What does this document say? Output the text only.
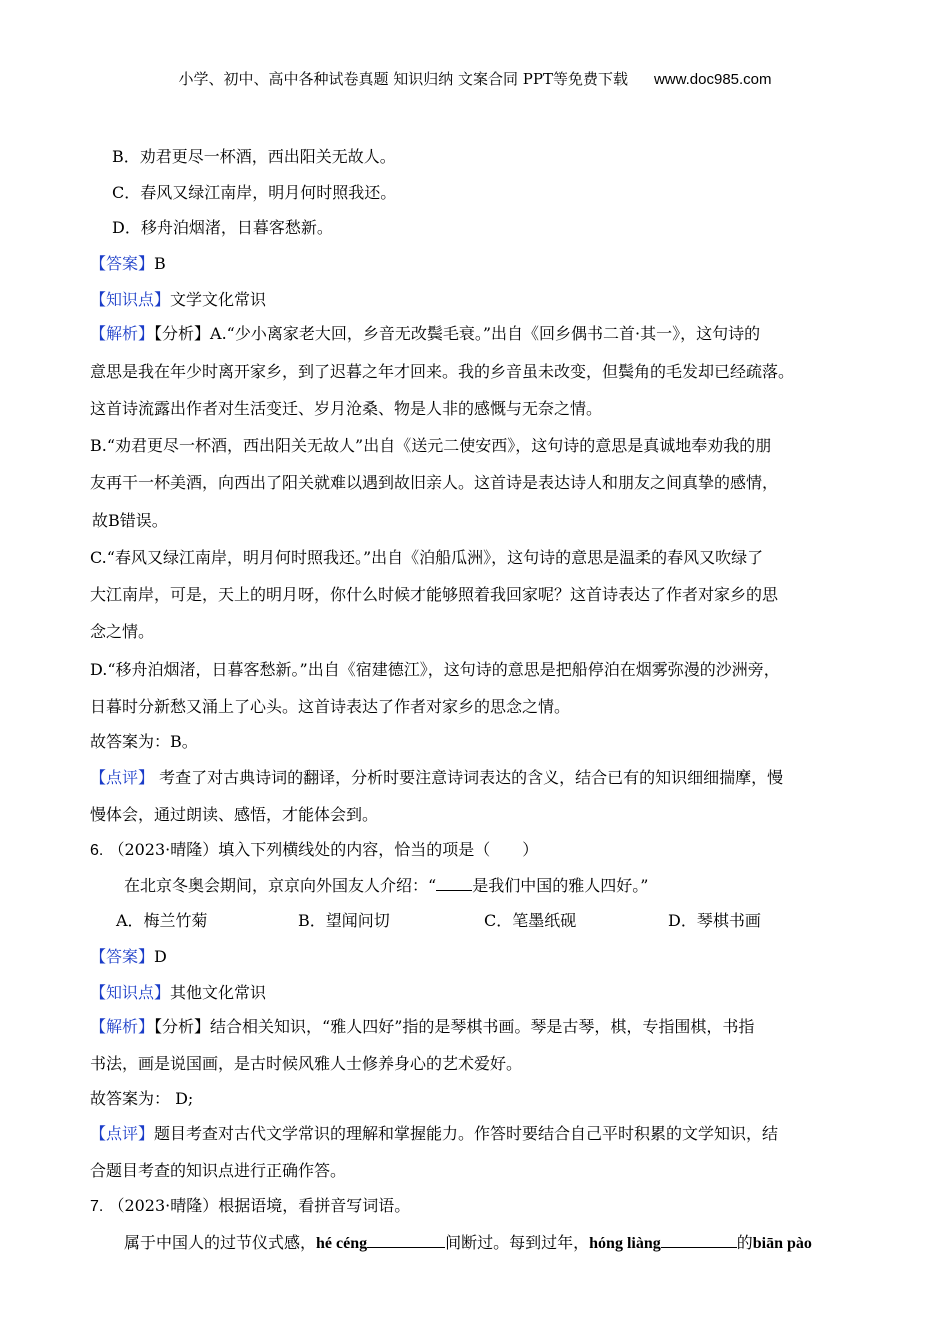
小学、初中、高中各种试卷真题 知识归纳 文案合同 PPT等免费下载 www.doc985.com
B．劝君更尽一杯酒，西出阳关无故人。
C．春风又绿江南岸，明月何时照我还。
D．移舟泊烟渚，日暮客愁新。
【答案】B
【知识点】文学文化常识
【解析】【分析】A.“少小离家老大回，乡音无改鬓毛衰。”出自《回乡偶书二首·其一》，这句诗的
意思是我在年少时离开家乡，到了迟暮之年才回来。我的乡音虽未改变，但鬓角的毛发却已经疏落。
这首诗流露出作者对生活变迁、岁月沧桑、物是人非的感慨与无奈之情。
B.“劝君更尽一杯酒，西出阳关无故人”出自《送元二使安西》，这句诗的意思是真诚地奉劝我的朋
友再干一杯美酒，向西出了阳关就难以遇到故旧亲人。这首诗是表达诗人和朋友之间真挚的感情，
故B错误。
C.“春风又绿江南岸，明月何时照我还。”出自《泊船瓜洲》，这句诗的意思是温柔的春风又吹绿了
大江南岸，可是，天上的明月呀，你什么时候才能够照着我回家呢？这首诗表达了作者对家乡的思
念之情。
D.“移舟泊烟渚，日暮客愁新。”出自《宿建德江》，这句诗的意思是把船停泊在烟雾弥漫的沙洲旁，
日暮时分新愁又涌上了心头。这首诗表达了作者对家乡的思念之情。
故答案为：B。
【点评】 考查了对古典诗词的翻译，分析时要注意诗词表达的含义，结合已有的知识细细揣摩，慢
慢体会，通过朗读、感悟，才能体会到。
6. （2023·晴隆）填入下列横线处的内容，恰当的项是（　　）
在北京冬奥会期间，京京向外国友人介绍：“ 是我们中国的雅人四好。”
A．梅兰竹菊	B．望闻问切	C．笔墨纸砚	D．琴棋书画
【答案】D
【知识点】其他文化常识
【解析】【分析】结合相关知识，“雅人四好”指的是琴棋书画。琴是古琴，棋，专指围棋，书指
书法，画是说国画，是古时候风雅人士修养身心的艺术爱好。
故答案为： D;
【点评】题目考查对古代文学常识的理解和掌握能力。作答时要结合自己平时积累的文学知识，结
合题目考查的知识点进行正确作答。
7. （2023·晴隆）根据语境，看拼音写词语。
属于中国人的过节仪式感，hé céng	间断过。每到过年，hóng liàng	的biān pào
